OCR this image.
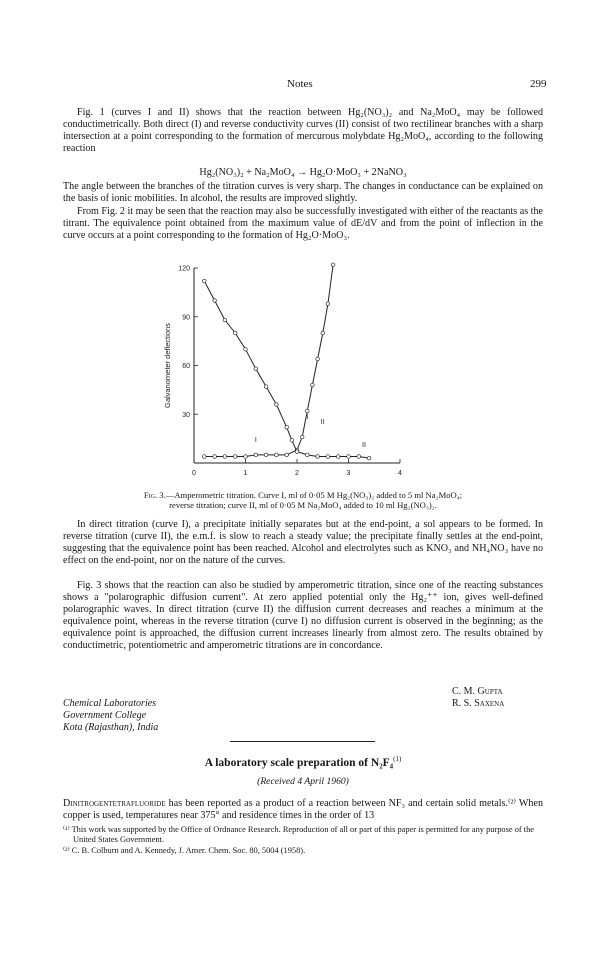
Notes	299

Fig. 1 (curves I and II) shows that the reaction between Hg₂(NO₃)₂ and Na₂MoO₄ may be followed conductimetrically. Both direct (I) and reverse conductivity curves (II) consist of two rectilinear branches with a sharp intersection at a point corresponding to the formation of mercurous molybdate Hg₂MoO₄, according to the following reaction

Hg₂(NO₃)₂ + Na₂MoO₄ → Hg₂O·MoO₃ + 2NaNO₃

The angle between the branches of the titration curves is very sharp. The changes in conductance can be explained on the basis of ionic mobilities. In alcohol, the results are improved slightly.

From Fig. 2 it may be seen that the reaction may also be successfully investigated with either of the reactants as the titrant. The equivalence point obtained from the maximum value of dE/dV and from the point of inflection in the curve occurs at a point corresponding to the formation of Hg₂O·MoO₃.

0	1	2	3	4
30
60
90
120
Galvanometer deflections
I
II
I
II
Fig. 3.—Amperometric titration. Curve I, ml of 0·05 M Hg₂(NO₃)₂ added to 5 ml Na₂MoO₄;
reverse titration; curve II, ml of 0·05 M Na₂MoO₄ added to 10 ml Hg₂(NO₃)₂.

In direct titration (curve I), a precipitate initially separates but at the end-point, a sol appears to be formed. In reverse titration (curve II), the e.m.f. is slow to reach a steady value; the precipitate finally settles at the end-point, suggesting that the equivalence point has been reached. Alcohol and electrolytes such as KNO₃ and NH₄NO₃ have no effect on the end-point, nor on the nature of the curves.

Fig. 3 shows that the reaction can also be studied by amperometric titration, since one of the reacting substances shows a "polarographic diffusion current". At zero applied potential only the Hg₂⁺⁺ ion, gives well-defined polarographic waves. In direct titration (curve II) the diffusion current decreases and reaches a minimum at the equivalence point, whereas in the reverse titration (curve I) no diffusion current is observed in the beginning; as the equivalence point is approached, the diffusion current increases linearly from almost zero. The results obtained by conductimetric, potentiometric and amperometric titrations are in concordance.

C. M. Gupta
R. S. Saxena
Chemical Laboratories
Government College
Kota (Rajasthan), India
A laboratory scale preparation of N₂F₄$^{(1)}$
(Received 4 April 1960)

Dinitrogentetrafluoride has been reported as a product of a reaction between NF₃ and certain solid metals.⁽²⁾ When copper is used, temperatures near 375° and residence times in the order of 13

⁽¹⁾ This work was supported by the Office of Ordnance Research. Reproduction of all or part of this paper is permitted for any purpose of the United States Government.
⁽²⁾ C. B. Colburn and A. Kennedy, J. Amer. Chem. Soc. 80, 5004 (1958).
